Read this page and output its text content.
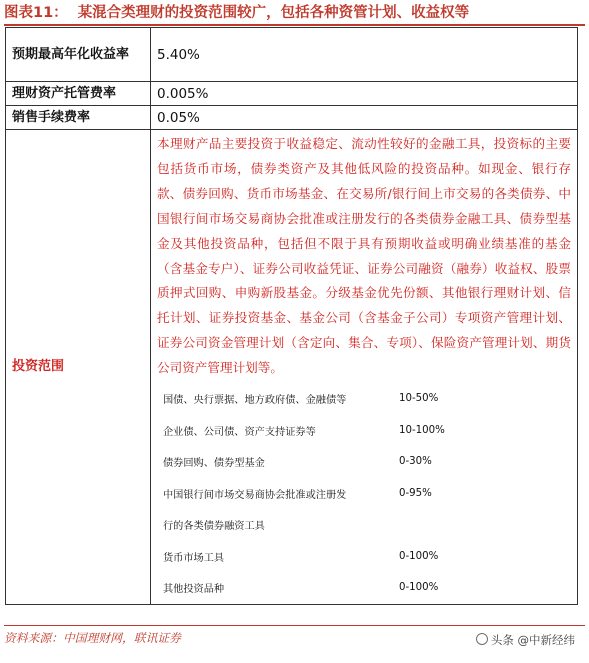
图表11： 某混合类理财的投资范围较广，包括各种资管计划、收益权等
预期最高年化收益率	5.40%
理财资产托管费率	0.005%
销售手续费率	0.05%
投资范围	
本理财产品主要投资于收益稳定、流动性较好的金融工具，投资标的主要包括货币市场，债券类资产及其他低风险的投资品种。如现金、银行存款、债券回购、货币市场基金、在交易所/银行间上市交易的各类债券、中国银行间市场交易商协会批准或注册发行的各类债券金融工具、债券型基金及其他投资品种，包括但不限于具有预期收益或明确业绩基准的基金（含基金专户）、证券公司收益凭证、证券公司融资（融券）收益权、股票质押式回购、申购新股基金。分级基金优先份额、其他银行理财计划、信托计划、证券投资基金、基金公司（含基金子公司）专项资产管理计划、证券公司资金管理计划（含定向、集合、专项）、保险资产管理计划、期货公司资产管理计划等。
国债、央行票据、地方政府债、金融债等	10-50%
企业债、公司债、资产支持证券等	10-100%
债券回购、债券型基金	0-30%
中国银行间市场交易商协会批准或注册发	0-95%
行的各类债券融资工具	
货币市场工具	0-100%
其他投资品种	0-100%
资料来源：中国理财网，联讯证券	头条 @中新经纬
